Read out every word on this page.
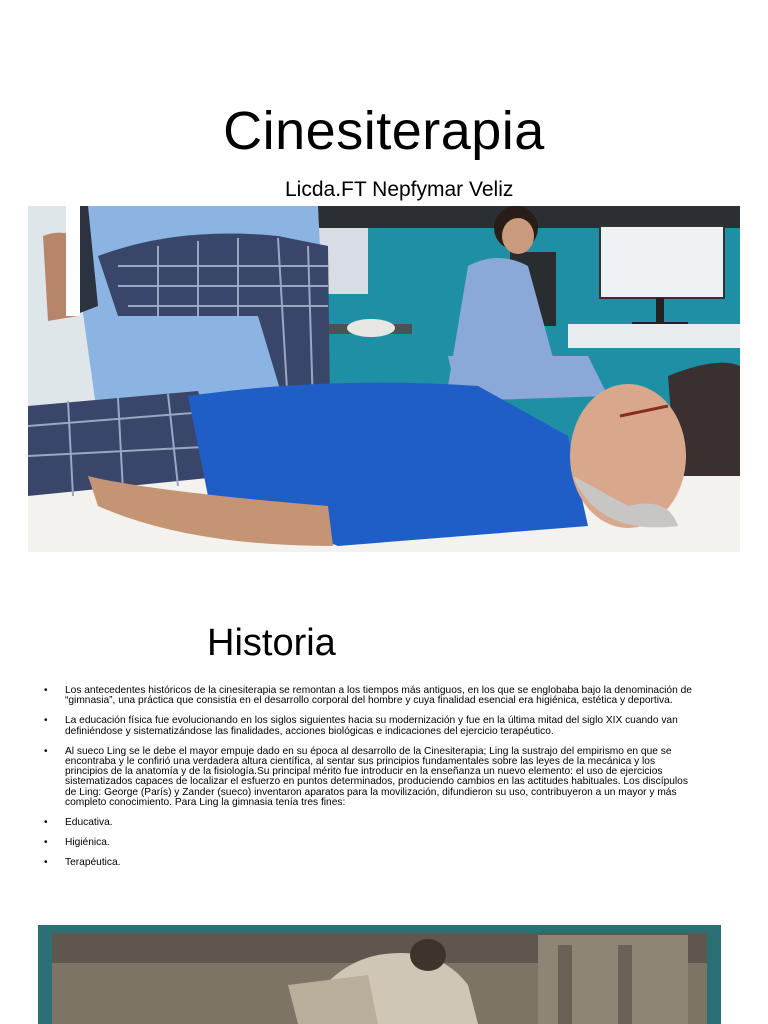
Cinesiterapia
Licda.FT Nepfymar Veliz
Historia
• Los antecedentes históricos de la cinesiterapia se remontan a los tiempos más antiguos, en los que se englobaba bajo la denominación de “gimnasia”, una práctica que consistía en el desarrollo corporal del hombre y cuya finalidad esencial era higiénica, estética y deportiva.
• La educación física fue evolucionando en los siglos siguientes hacia su modernización y fue en la última mitad del siglo XIX cuando van definiéndose y sistematizándose las finalidades, acciones biológicas e indicaciones del ejercicio terapéutico.
• Al sueco Ling se le debe el mayor empuje dado en su época al desarrollo de la Cinesiterapia; Ling la sustrajo del empirismo en que se encontraba y le confirió una verdadera altura científica, al sentar sus principios fundamentales sobre las leyes de la mecánica y los principios de la anatomía y de la fisiología.Su principal mérito fue introducir en la enseñanza un nuevo elemento: el uso de ejercicios sistematizados capaces de localizar el esfuerzo en puntos determinados, produciendo cambios en las actitudes habituales. Los discípulos de Ling: George (París) y Zander (sueco) inventaron aparatos para la movilización, difundieron su uso, contribuyeron a un mayor y más completo conocimiento. Para Ling la gimnasia tenía tres fines:
• Educativa.
• Higiénica.
• Terapéutica.
